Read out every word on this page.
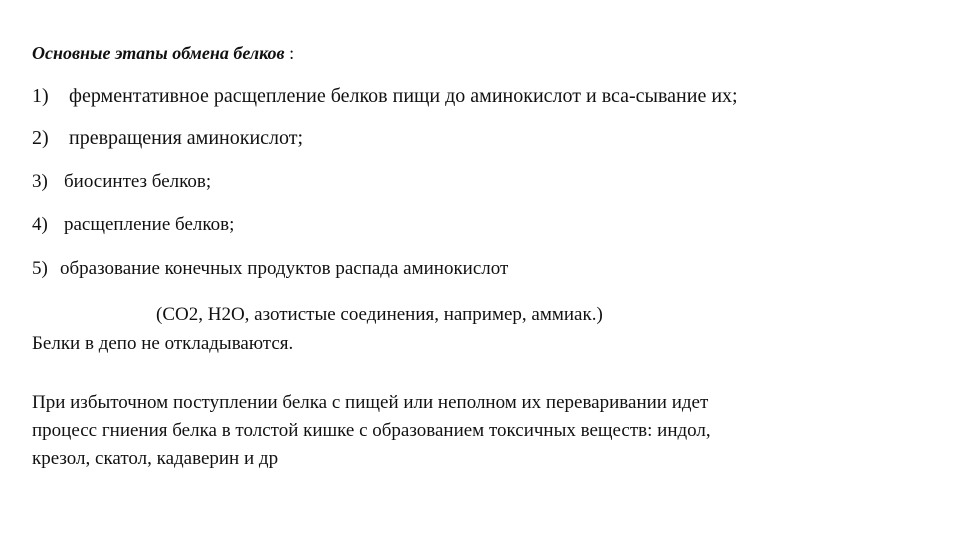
Основные этапы обмена белков :
1) ферментативное расщепление белков пищи до аминокислот и вса-сывание их;
2) превращения аминокислот;
3) биосинтез белков;
4) расщепление белков;
5) образование конечных продуктов распада аминокислот
(СО2, Н2О, азотистые соединения, например, аммиак.)
Белки в депо не откладываются.
При избыточном поступлении белка с пищей или неполном их переваривании идет
процесс гниения белка в толстой кишке с образованием токсичных веществ: индол,
крезол, скатол, кадаверин и др
